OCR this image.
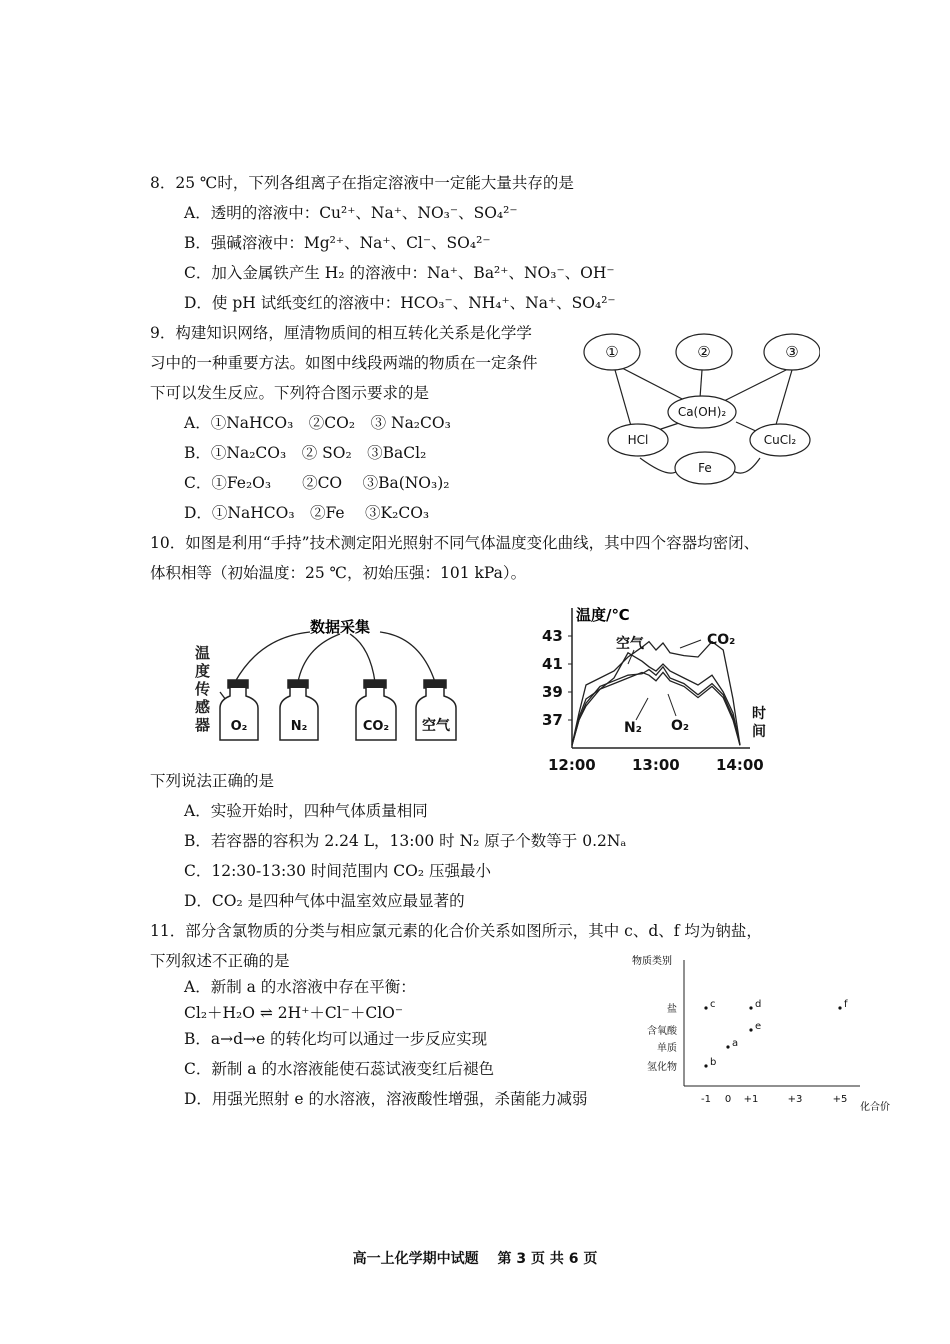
8．25 ℃时，下列各组离子在指定溶液中一定能大量共存的是
A．透明的溶液中：Cu²⁺、Na⁺、NO₃⁻、SO₄²⁻
B．强碱溶液中：Mg²⁺、Na⁺、Cl⁻、SO₄²⁻
C．加入金属铁产生 H₂ 的溶液中：Na⁺、Ba²⁺、NO₃⁻、OH⁻
D．使 pH 试纸变红的溶液中：HCO₃⁻、NH₄⁺、Na⁺、SO₄²⁻
9．构建知识网络，厘清物质间的相互转化关系是化学学
习中的一种重要方法。如图中线段两端的物质在一定条件
下可以发生反应。下列符合图示要求的是
A．①NaHCO₃　②CO₂　③ Na₂CO₃
B．①Na₂CO₃　② SO₂　③BaCl₂
C．①Fe₂O₃　　②CO　 ③Ba(NO₃)₂
D．①NaHCO₃　②Fe　 ③K₂CO₃
①	②	③
Ca(OH)₂
HCl	CuCl₂
Fe
10．如图是利用“手持”技术测定阳光照射不同气体温度变化曲线，其中四个容器均密闭、
体积相等（初始温度：25 ℃，初始压强：101 kPa）。
数据采集
温
度
传
感
器 O₂	N₂	CO₂ 空气
温度/℃
37
39
41
43
12:00 13:00 14:00
空气	CO₂
N₂ O₂
时
间
下列说法正确的是
A．实验开始时，四种气体质量相同
B．若容器的容积为 2.24 L，13:00 时 N₂ 原子个数等于 0.2Nₐ
C．12:30-13:30 时间范围内 CO₂ 压强最小
D．CO₂ 是四种气体中温室效应最显著的
11．部分含氯物质的分类与相应氯元素的化合价关系如图所示，其中 c、d、f 均为钠盐，
下列叙述不正确的是
A．新制 a 的水溶液中存在平衡：
Cl₂＋H₂O ⇌ 2H⁺＋Cl⁻＋ClO⁻
B．a→d→e 的转化均可以通过一步反应实现
C．新制 a 的水溶液能使石蕊试液变红后褪色
D．用强光照射 e 的水溶液，溶液酸性增强，杀菌能力减弱
物质类别
化合价
氢化物
单质
含氧酸
盐
-1 0 +1	+3	+5
c	d	f
e
a
b
高一上化学期中试题　 第 3 页 共 6 页
